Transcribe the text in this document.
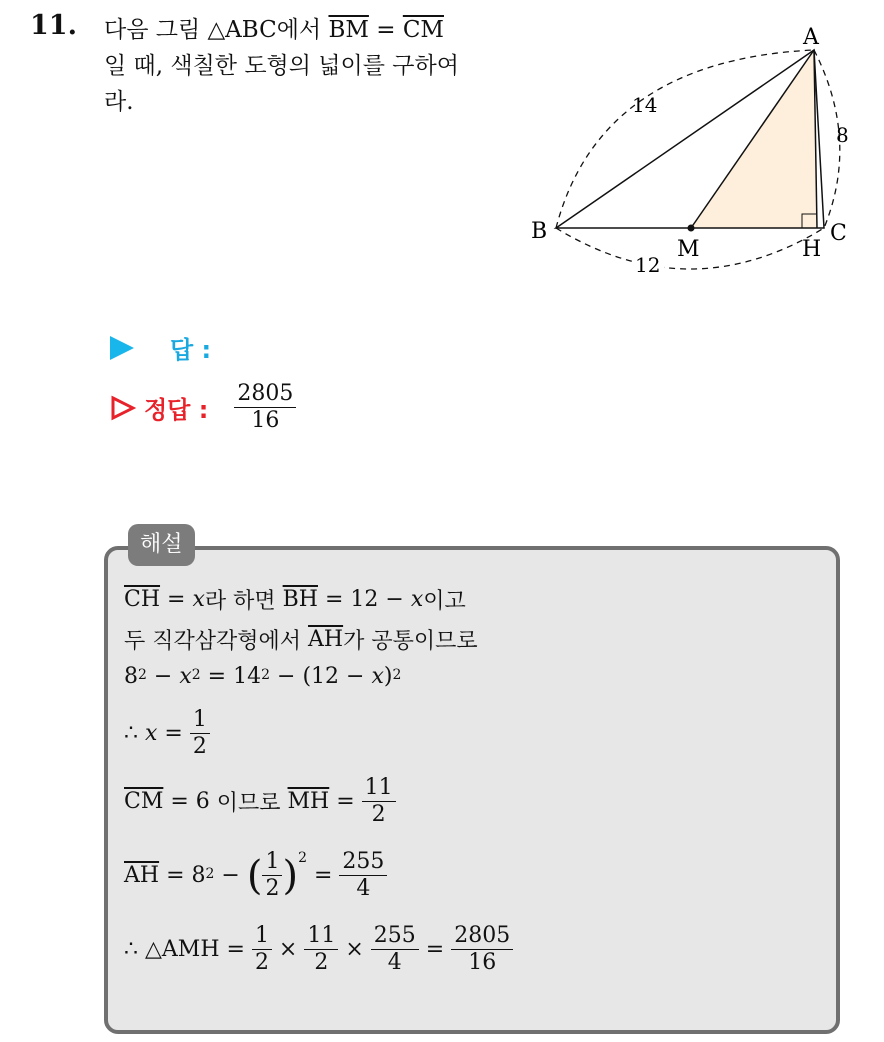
11. 다음 그림 △ABC에서 $\overline{BM} = \overline{CM}$
일 때, 색칠한 도형의 넓이를 구하여
라.
A
B	C
M	H
14
8
12
답 :
정답 : $\frac{2805}{16}$
해설
$\overline{CH} = x$ 라 하면 $\overline{BH} = 12 - x$ 이고
두 직각삼각형에서 $\overline{AH}$ 가 공통이므로
$8^2 - x^2 = 14^2 - (12 - x$ )$^2$
∴ $x = \frac{1}{2}$
$\overline{CM} = 6$ 이므로 $\overline{MH} = \frac{11}{2}$
$\overline{AH} = 8^2$ − ( $\frac{1}{2} )^2$
= $\frac{255}{4}$
∴ △AMH = $\frac{1}{2} \times \frac{11}{2} \times \frac{255}{4} = \frac{2805}{16}$
